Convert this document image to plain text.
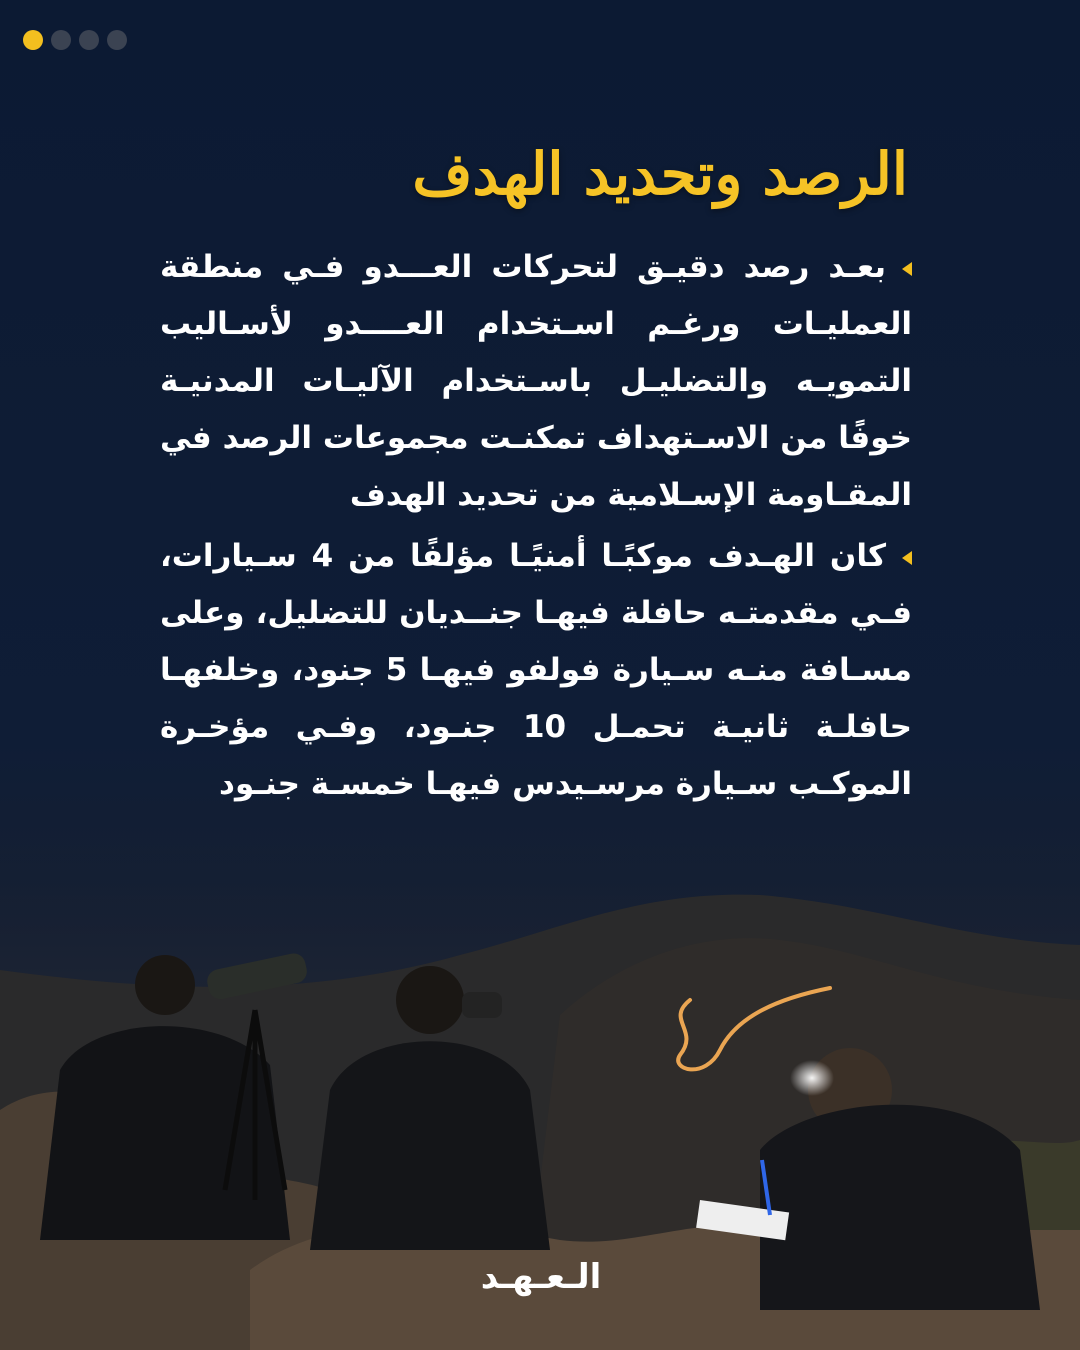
الرصد وتحديد الهدف
بعـد رصد دقيـق لتحركات العـــدو فـي منطقة العمليـات ورغـم اسـتخدام العــــدو لأسـاليب التمويـه والتضليـل باسـتخدام الآليـات المدنيـة خوفًا من الاسـتهداف تمكنـت مجموعات الرصد في المقـاومة الإسـلامية من تحديد الهدف
كان الهـدف موكبًـا أمنيًـا مؤلفًا من 4 سـيارات، فـي مقدمتـه حافلة فيهـا جنــديان للتضليل، وعلى مسـافة منـه سـيارة فولفو فيهـا 5 جنود، وخلفهـا حافلـة ثانيـة تحمـل 10 جنـود، وفـي مؤخـرة الموكـب سـيارة مرسـيدس فيهـا خمسـة جنـود
الـعـهـد
